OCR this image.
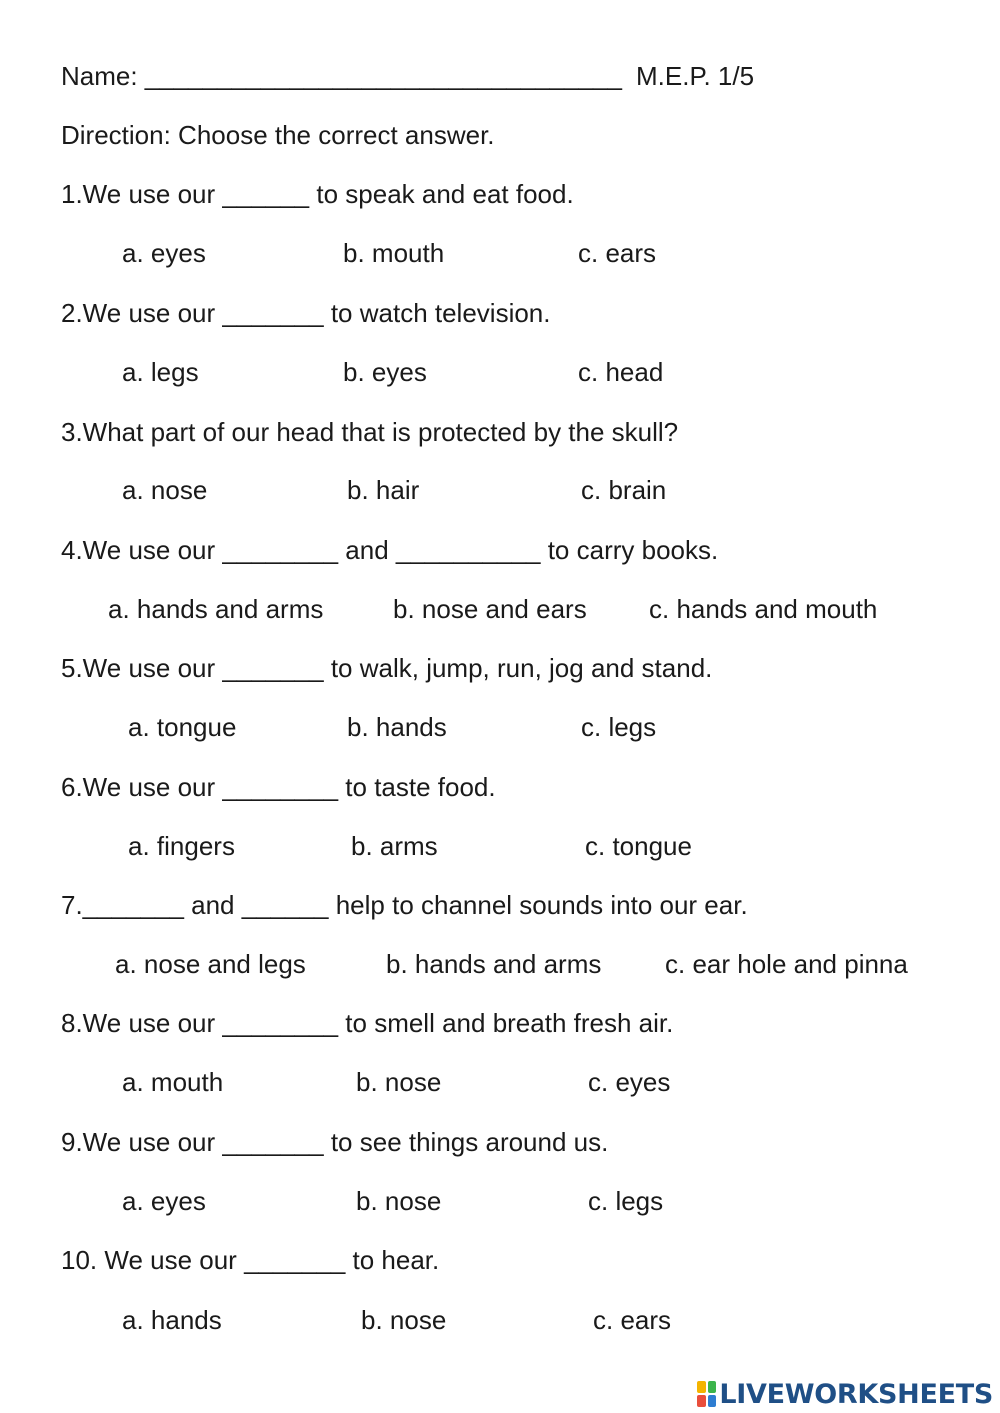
Name: _________________________________ M.E.P. 1/5
Direction: Choose the correct answer.
1.We use our ______ to speak and eat food.
a. eyes	b. mouth	c. ears
2.We use our _______ to watch television.
a. legs	b. eyes	c. head
3.What part of our head that is protected by the skull?
a. nose	b. hair	c. brain
4.We use our ________ and __________ to carry books.
a. hands and arms	b. nose and ears c. hands and mouth
5.We use our _______ to walk, jump, run, jog and stand.
a. tongue	b. hands	c. legs
6.We use our ________ to taste food.
a. fingers	b. arms	c. tongue
7._______ and ______ help to channel sounds into our ear.
a. nose and legs	b. hands and arms c. ear hole and pinna
8.We use our ________ to smell and breath fresh air.
a. mouth	b. nose	c. eyes
9.We use our _______ to see things around us.
a. eyes	b. nose	c. legs
10. We use our _______ to hear.
a. hands	b. nose	c. ears
LIVEWORKSHEETS
